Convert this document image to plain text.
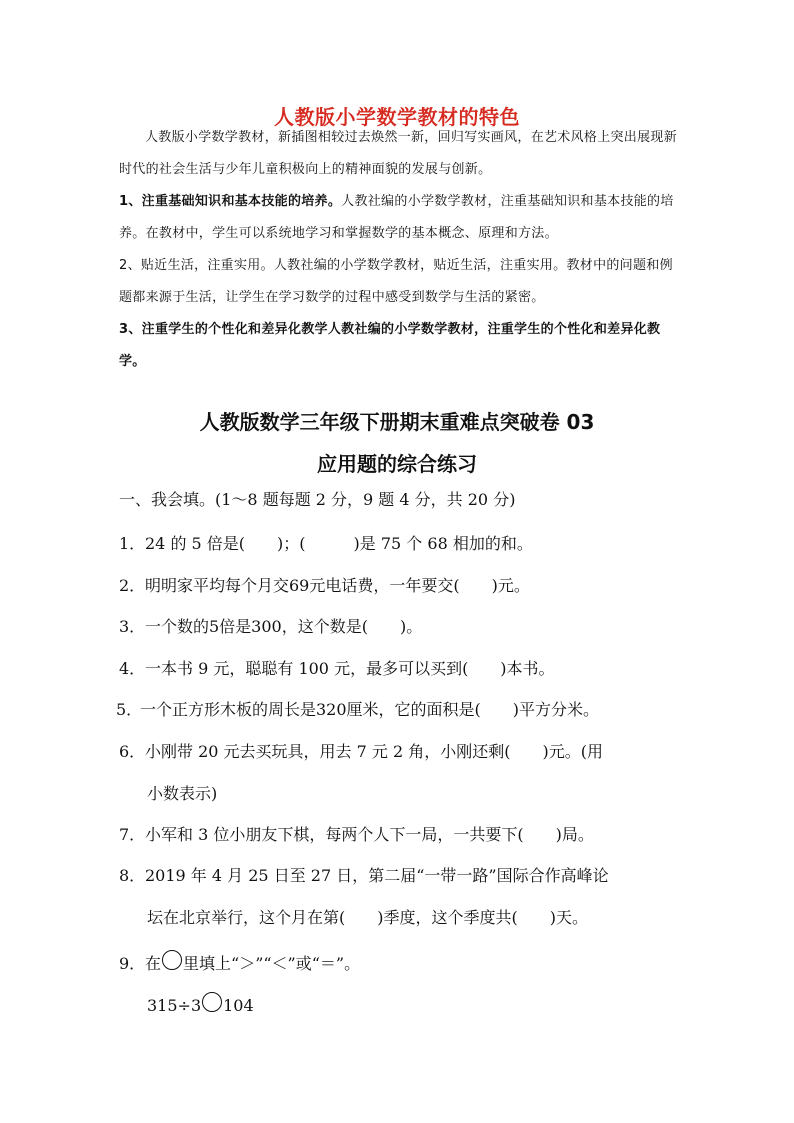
人教版小学数学教材的特色
人教版小学数学教材，新插图相较过去焕然一新，回归写实画风，在艺术风格上突出展现新时代的社会生活与少年儿童积极向上的精神面貌的发展与创新。
1、注重基础知识和基本技能的培养。人教社编的小学数学教材，注重基础知识和基本技能的培养。在教材中，学生可以系统地学习和掌握数学的基本概念、原理和方法。
2、贴近生活，注重实用。人教社编的小学数学教材，贴近生活，注重实用。教材中的问题和例题都来源于生活，让学生在学习数学的过程中感受到数学与生活的紧密。
3、注重学生的个性化和差异化教学人教社编的小学数学教材，注重学生的个性化和差异化教学。
人教版数学三年级下册期末重难点突破卷 03
应用题的综合练习
一、我会填。(1～8 题每题 2 分，9 题 4 分，共 20 分)
1．24 的 5 倍是(　　)；(　　　)是 75 个 68 相加的和。
2．明明家平均每个月交69元电话费，一年要交(　　)元。
3．一个数的5倍是300，这个数是(　　)。
4．一本书 9 元，聪聪有 100 元，最多可以买到(　　)本书。
5．一个正方形木板的周长是320厘米，它的面积是(　　)平方分米。
6．小刚带 20 元去买玩具，用去 7 元 2 角，小刚还剩(　　)元。(用
小数表示)
7．小军和 3 位小朋友下棋，每两个人下一局，一共要下(　　)局。
8．2019 年 4 月 25 日至 27 日，第二届“一带一路”国际合作高峰论
坛在北京举行，这个月在第(　　)季度，这个季度共(　　)天。
9．在 里填上“＞”“＜”或“＝”。
315÷3 104
